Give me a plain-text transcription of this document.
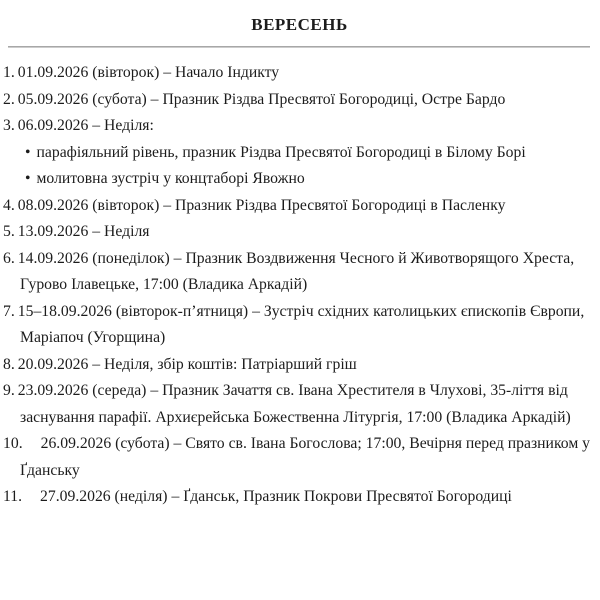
ВЕРЕСЕНЬ

1. 01.09.2026 (вівторок) – Начало Індикту

2. 05.09.2026 (субота) – Празник Різдва Пресвятої Богородиці, Остре Бардо

3. 06.09.2026 – Неділя:

• парафіяльний рівень, празник Різдва Пресвятої Богородиці в Білому Борі

• молитовна зустріч у концтаборі Явожно

4. 08.09.2026 (вівторок) – Празник Різдва Пресвятої Богородиці в Пасленку

5. 13.09.2026 – Неділя

6. 14.09.2026 (понеділок) – Празник Воздвиження Чесного й Животворящого Хреста, Гурово Ілавецьке, 17:00 (Владика Аркадій)

7. 15–18.09.2026 (вівторок-п’ятниця) – Зустріч східних католицьких єпископів Європи, Маріапоч (Угорщина)

8. 20.09.2026 – Неділя, збір коштів: Патріарший гріш

9. 23.09.2026 (середа) – Празник Зачаття св. Івана Хрестителя в Члухові, 35-ліття від заснування парафії. Архиєрейська Божественна Літургія, 17:00 (Владика Аркадій)

10. 26.09.2026 (субота) – Свято св. Івана Богослова; 17:00, Вечірня перед празником у Ґданську

11. 27.09.2026 (неділя) – Ґданськ, Празник Покрови Пресвятої Богородиці
